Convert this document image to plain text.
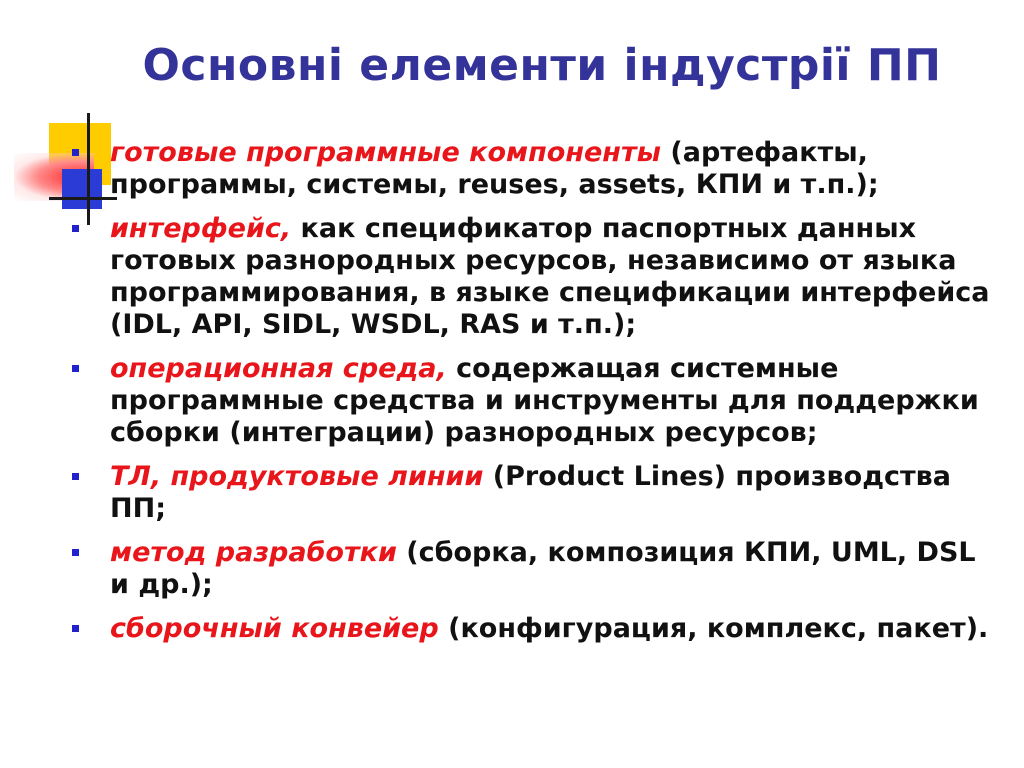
Основні елементи індустрії ПП
готовые программные компоненты (артефакты, программы, системы, reuses, assets, КПИ и т.п.);
интерфейс, как спецификатор паспортных данных готовых разнородных ресурсов, независимо от языка программирования, в языке спецификации интерфейса (IDL, API, SIDL, WSDL, RAS и т.п.);
операционная среда, содержащая системные программные средства и инструменты для поддержки сборки (интеграции) разнородных ресурсов;
ТЛ, продуктовые линии (Product Lines) производства ПП;
метод разработки (сборка, композиция КПИ, UML, DSL и др.);
сборочный конвейер (конфигурация, комплекс, пакет).
